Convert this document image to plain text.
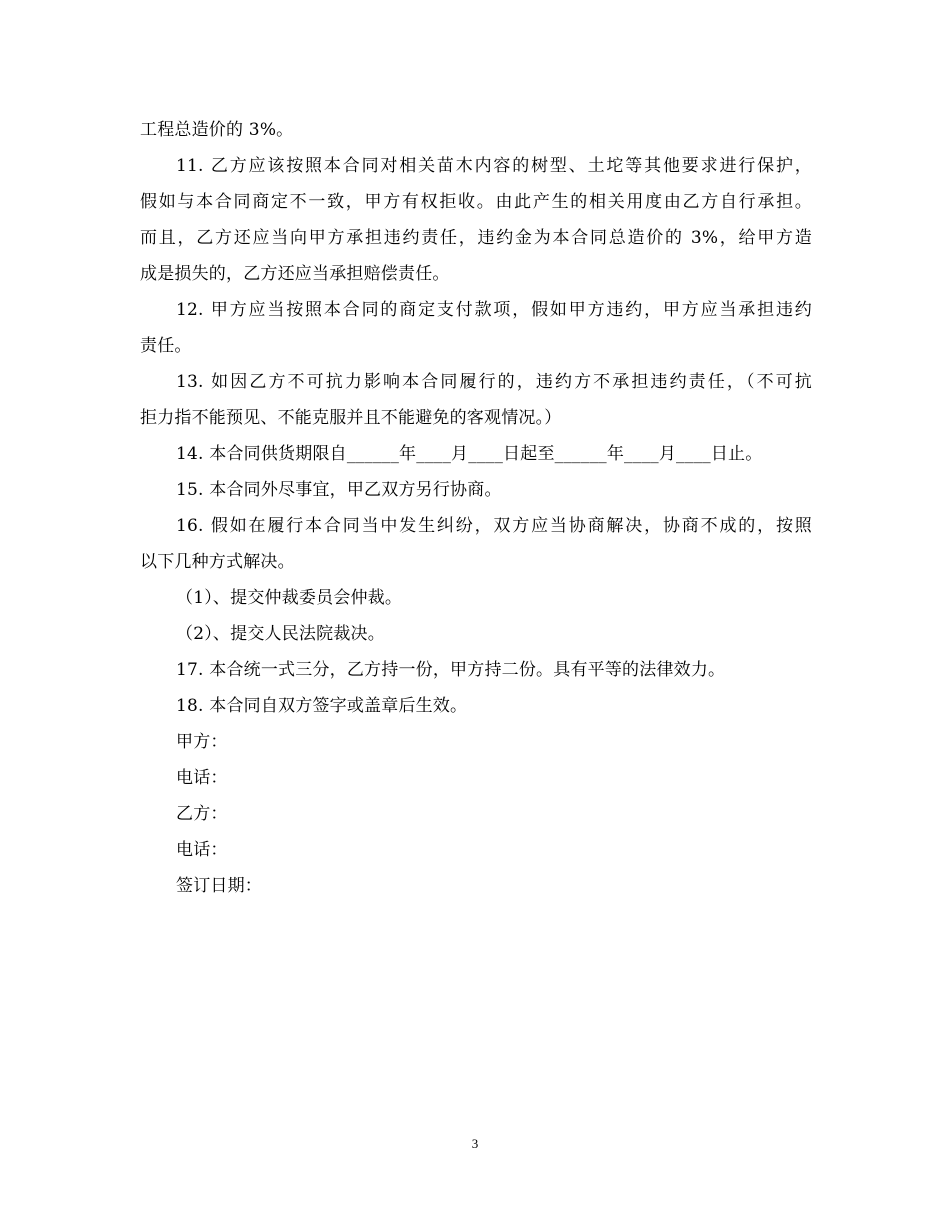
工程总造价的 3%。
11. 乙方应该按照本合同对相关苗木内容的树型、土坨等其他要求进行保护，
假如与本合同商定不一致，甲方有权拒收。由此产生的相关用度由乙方自行承担。
而且，乙方还应当向甲方承担违约责任，违约金为本合同总造价的 3%，给甲方造
成是损失的，乙方还应当承担赔偿责任。
12. 甲方应当按照本合同的商定支付款项，假如甲方违约，甲方应当承担违约
责任。
13. 如因乙方不可抗力影响本合同履行的，违约方不承担违约责任，（不可抗
拒力指不能预见、不能克服并且不能避免的客观情况。）
14. 本合同供货期限自______年____月____日起至______年____月____日止。
15. 本合同外尽事宜，甲乙双方另行协商。
16. 假如在履行本合同当中发生纠纷，双方应当协商解决，协商不成的，按照
以下几种方式解决。
（1）、提交仲裁委员会仲裁。
（2）、提交人民法院裁决。
17. 本合统一式三分，乙方持一份，甲方持二份。具有平等的法律效力。
18. 本合同自双方签字或盖章后生效。
甲方：
电话：
乙方：
电话：
签订日期：
3
